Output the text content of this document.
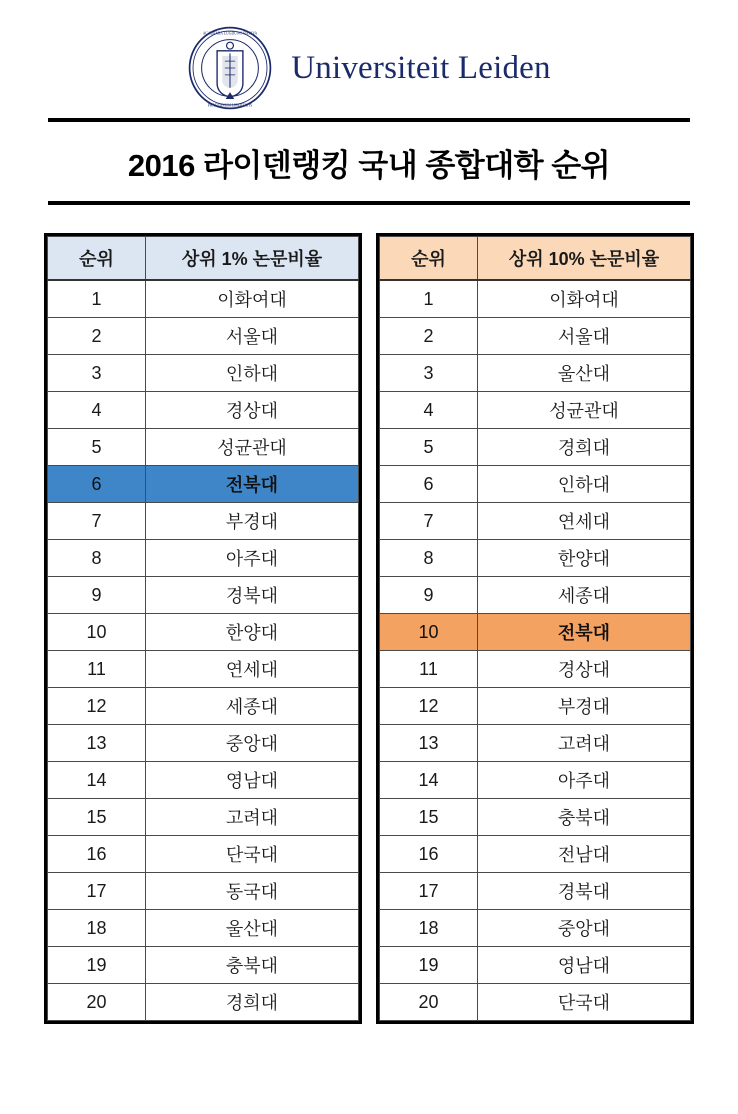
ACADEMIA LUGDUNO BATAVA
PRAESIDIUM LIBERTATIS
Universiteit Leiden
2016 라이덴랭킹 국내 종합대학 순위
순위	상위 1% 논문비율
1	이화여대
2	서울대
3	인하대
4	경상대
5	성균관대
6	전북대
7	부경대
8	아주대
9	경북대
10	한양대
11	연세대
12	세종대
13	중앙대
14	영남대
15	고려대
16	단국대
17	동국대
18	울산대
19	충북대
20	경희대
순위	상위 10% 논문비율
1	이화여대
2	서울대
3	울산대
4	성균관대
5	경희대
6	인하대
7	연세대
8	한양대
9	세종대
10	전북대
11	경상대
12	부경대
13	고려대
14	아주대
15	충북대
16	전남대
17	경북대
18	중앙대
19	영남대
20	단국대
